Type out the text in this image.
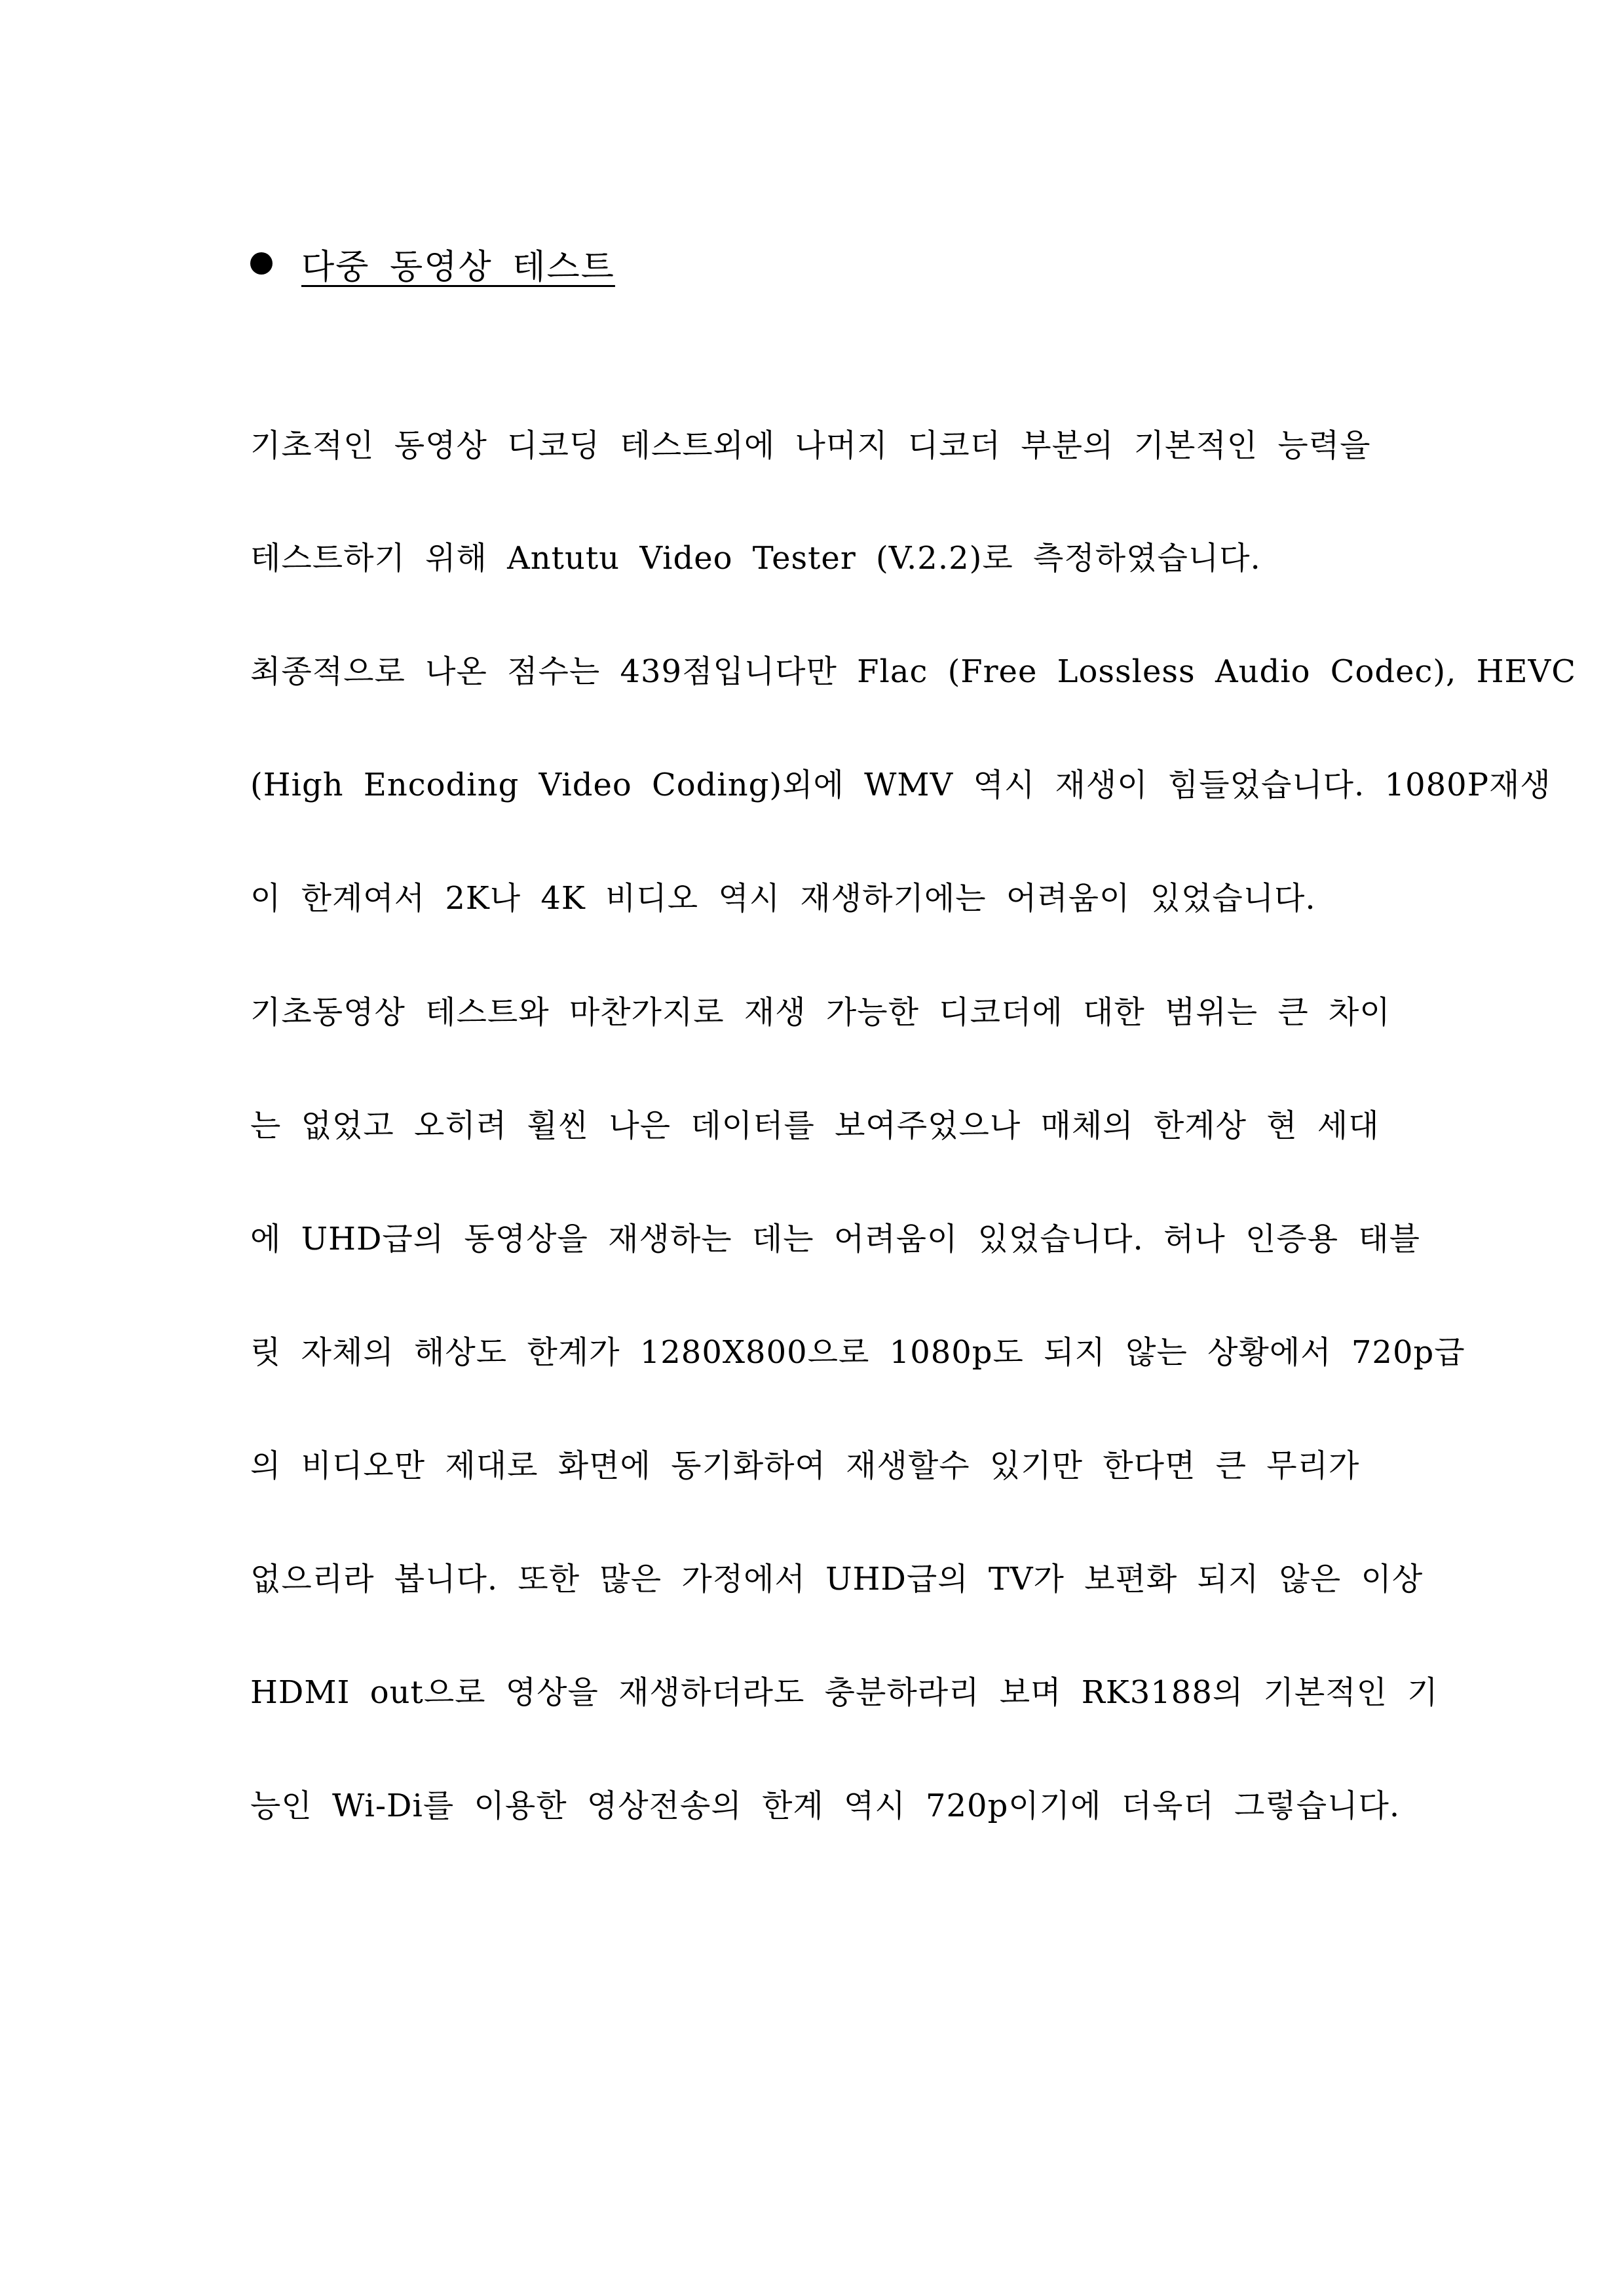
다중 동영상 테스트
기초적인 동영상 디코딩 테스트외에 나머지 디코더 부분의 기본적인 능력을
테스트하기 위해 Antutu Video Tester (V.2.2)로 측정하였습니다.
최종적으로 나온 점수는 439점입니다만 Flac (Free Lossless Audio Codec), HEVC
(High Encoding Video Coding)외에 WMV 역시 재생이 힘들었습니다. 1080P재생
이 한계여서 2K나 4K 비디오 역시 재생하기에는 어려움이 있었습니다.
기초동영상 테스트와 마찬가지로 재생 가능한 디코더에 대한 범위는 큰 차이
는 없었고 오히려 휠씬 나은 데이터를 보여주었으나 매체의 한계상 현 세대
에 UHD급의 동영상을 재생하는 데는 어려움이 있었습니다. 허나 인증용 태블
릿 자체의 해상도 한계가 1280X800으로 1080p도 되지 않는 상황에서 720p급
의 비디오만 제대로 화면에 동기화하여 재생할수 있기만 한다면 큰 무리가
없으리라 봅니다. 또한 많은 가정에서 UHD급의 TV가 보편화 되지 않은 이상
HDMI out으로 영상을 재생하더라도 충분하라리 보며 RK3188의 기본적인 기
능인 Wi-Di를 이용한 영상전송의 한계 역시 720p이기에 더욱더 그렇습니다.
